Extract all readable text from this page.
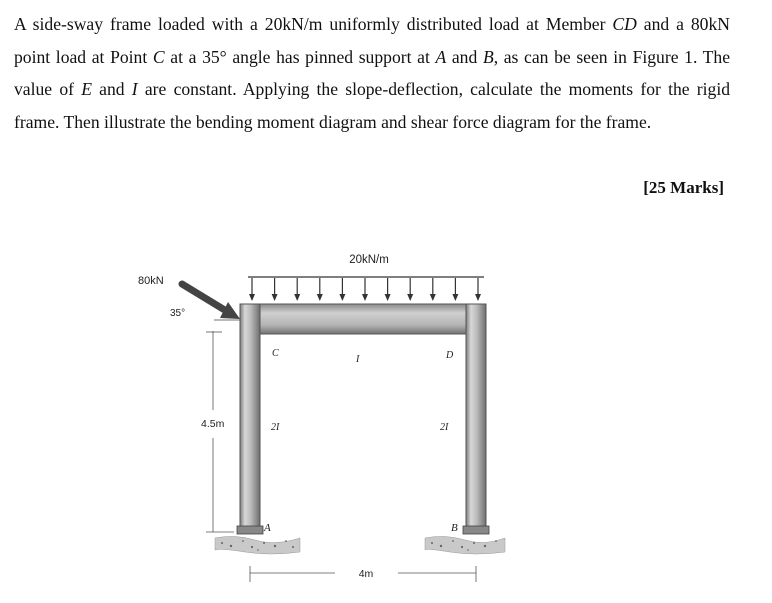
A side-sway frame loaded with a 20kN/m uniformly distributed load at Member CD and a 80kN point load at Point C at a 35° angle has pinned support at A and B, as can be seen in Figure 1. The value of E and I are constant. Applying the slope-deflection, calculate the moments for the rigid frame. Then illustrate the bending moment diagram and shear force diagram for the frame.

[25 Marks]
20kN/m
80kN
35°
4.5m
4m
C	D
A	B
I
2I	2I
